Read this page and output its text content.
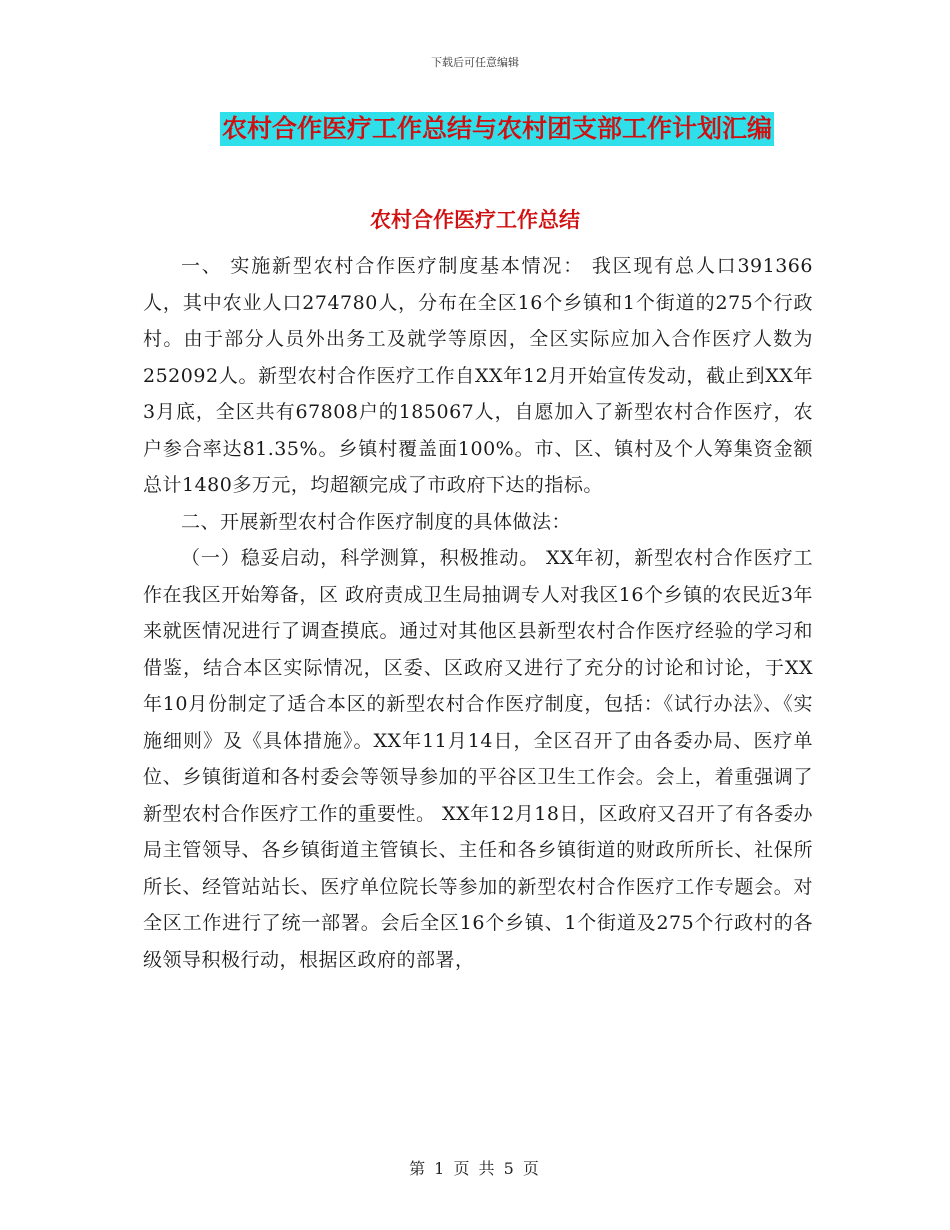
下载后可任意编辑
农村合作医疗工作总结与农村团支部工作计划汇编
农村合作医疗工作总结

一、 实施新型农村合作医疗制度基本情况： 我区现有总人口391366人，其中农业人口274780人，分布在全区16个乡镇和1个街道的275个行政村。由于部分人员外出务工及就学等原因，全区实际应加入合作医疗人数为252092人。新型农村合作医疗工作自XX年12月开始宣传发动，截止到XX年3月底，全区共有67808户的185067人，自愿加入了新型农村合作医疗，农户参合率达81.35%。乡镇村覆盖面100%。市、区、镇村及个人筹集资金额总计1480多万元，均超额完成了市政府下达的指标。

二、开展新型农村合作医疗制度的具体做法：

（一）稳妥启动，科学测算，积极推动。 XX年初，新型农村合作医疗工作在我区开始筹备，区 政府责成卫生局抽调专人对我区16个乡镇的农民近3年来就医情况进行了调查摸底。通过对其他区县新型农村合作医疗经验的学习和借鉴，结合本区实际情况，区委、区政府又进行了充分的讨论和讨论，于XX年10月份制定了适合本区的新型农村合作医疗制度，包括：《试行办法》、《实施细则》及《具体措施》。XX年11月14日，全区召开了由各委办局、医疗单位、乡镇街道和各村委会等领导参加的平谷区卫生工作会。会上，着重强调了新型农村合作医疗工作的重要性。 XX年12月18日，区政府又召开了有各委办局主管领导、各乡镇街道主管镇长、主任和各乡镇街道的财政所所长、社保所所长、经管站站长、医疗单位院长等参加的新型农村合作医疗工作专题会。对全区工作进行了统一部署。会后全区16个乡镇、1个街道及275个行政村的各级领导积极行动，根据区政府的部署，

第 1 页 共 5 页
